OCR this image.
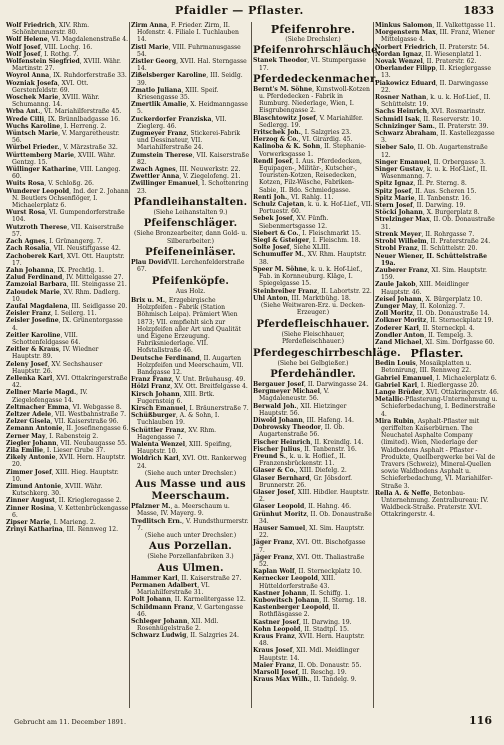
Pfaidler — Pflaster.	1833
Wolf Friedrich, XIV. Rhm. Schönbrunnerstr. 80.
Wolf Helene, VI. Magdalenenstraße 4.
Wolf Josef, VIII. Lochg. 16.
Wolf Josef, I. Rothg. 7.
Wolfenstein Siegfried, XVIII. Währ. Martinstr. 27.
Woyrol Anna, IX. Ruhdorferstraße 33.
Wozniak Josefa, XVI. Ott. Gerstenfeldstr. 69.
Woschek Marie, XVIII. Währ. Schumanng. 14.
Wrba Ant., VI. Mariahilferstraße 45.
Wrede Cilli, IX. Brünnlbadgasse 16.
Wuchs Karoline, I. Herreng. 2.
Wüntsch Marie, V. Margaretheustr. 56.
Würbel Frieder., V. Märzstraße 32.
Württemberg Marie, XVIII. Währ. Gentzg. 15.
Wüllinger Katharine, VIII. Langeg. 60.
Wuits Rosa, V. Schloßg. 26.
Wunderer Leopold, Ind. der 2. Johann N. Beutlers Ochsenflöger, I. Michaelerplatz 6.
Wurst Rosa, VI. Gumpendorferstraße 104.
Wutzroth Therese, VII. Kaiserstraße 57.
Zach Agnes, I. Grünangerg. 7.
Zach Rosalia, VII. Neustiftgasse 42.
Zachoberek Karl, XVI. Ott. Hauptstr. 17.
Zahn Johanna, IX. Prechtlg. 1.
Zalud Ferdinand, IV. Mittelgasse 27.
Zamzoial Barbara, III. Steingasse 21.
Zaloudek Marie, XV. Rhm. Dadlerg. 10.
Zaufal Magdalena, III. Seidlgasse 20.
Zeisler Franz, I. Seilerg. 11.
Zeisler Josefine, IX. Grünentorgasse 4.
Zeitler Karoline, VIII. Schottenfeldgasse 64.
Zeitler & Kraus, IV. Wiedner Hauptstr. 89.
Zeleny Josef, XV. Sechshauser Hauptstr. 26.
Zellenka Karl, XVI. Ottakringerstraße 42.
Zellner Marie Magd., IV. Ziegelofengasse 14.
Zeltmacher Emma, VI. Webgasse 8.
Zeltzer Adele, VII. Westbahnstraße 7.
Zelzer Gisela, VII. Kaiserstraße 96.
Zemann Antonie, II. Josefinengasse 6.
Zerner May, I. Rabensteig 2.
Ziegler Johann, VII. Neubaugasse 55.
Zila Emilie, I. Lieser Grube 37.
Zikely Antonie, XVII. Hern. Hauptstr. 20.
Zimmer Josef, XIII. Hieg. Hauptstr. 10.
Zimund Antonie, XVIII. Währ. Kutschkerg. 30.
Zinner August, II. Kriegleregasse 2.
Zinner Rosina, V. Kettenbrückengasse 6.
Zipser Marie, I. Marieng. 2.
Zrinyi Katharina, III. Rennweg 12.
Zirm Anna, F. Frieder. Zirm, II. Hofenstr. 4. Filiale I. Tuchlauben 14.
Zistl Marie, VIII. Fuhrmanusgasse 54.
Zistler Georg, XVII. Hal. Sterngasse 14.
Zißelsberger Karoline, III. Seidlg. 39.
Zmatlo Juliana, XIII. Speif. Kriesengasse 35.
Zmertlik Amalie, X. Heidmanngasse 5.
Zuckerdorfer Franziska, VII. Zieglerg. 46.
Zugmeyer Franz, Stickerei-Fabrik und Dessinateur, VII. Mariahilferstraße 24.
Zumstein Therese, VII. Kaiserstraße 82.
Zwach Agnes, III. Neuwerkstr. 22.
Zwettler Anna, V. Ziegelofeng. 21.
Zwillinger Emanuel, I. Schottenring 23.
Pfandleihanstalten.
(Siehe Leihanstalten 9.)
Pfeifenschläger.
(Siehe Bronzearbeiter, dann Gold- u. Silberarbeiter.)
Pfeifeneinläser.
Plau DovidVII. Lerchenfelderstraße 67.
Pfeifenköpfe.
Aus Holz.
Brix u. M., Erzgebirgische Holzpfeifen - Fabrik (Station Böhmisch Leipa). Prämiert Wien 1873; VII. empfiehlt sich zur Holzpfeifen aller Art und Qualität und Eigene Erzeugung. Fabriksniederlage. VII. Hofstallstraße 46.
Deutsche Ferdinand, II. Augarten Holzpfeifen und Meerschaum, VII. Bandgasse 12.
Franz Franz, V. Unt. Bräuhausg. 49.
Hölzl Franz, XV. Ott. Breitfelgasse 4.
Kirsch Johann, XIII. Brtk. Fugernsteig 6.
Kirsch Emanuel, I. Bräunerstraße 7.
Schüßburger, A. & Sohn, I. Tuchlauben 19.
Schüttler Franz, XV. Rhm. Hagengasse 7.
Walenta Wenzel, XIII. Speifing, Hauptstr. 10.
Woldrich Karl, XVI. Ott. Rankerweg 24.
(Siehe auch unter Drechsler.)
Aus Masse und aus Meerschaum.
Pfalzner M., a. Meerschaum u. Masse, IV. Mayerg. 9.
Tredlitsch Ern., V. Hundsthurmerstr. 7.
(Siehe auch unter Drechsler.)
Aus Porzellan.
(Siehe Porzellanfabriken 3.)
Aus Ulmen.
Hammer Karl, II. Kaiserstraße 27.
Permanen Adalbert, VI. Mariahilferstraße 31.
Polt Johann, II. Karmelitergasse 12.
Schildmann Franz, V. Gartengasse 46.
Schleger Johann, XII. Mdl. Rosenhügelstraße 2.
Schwarz Ludwig, II. Salzgries 24.
Pfeifenrohre.
(Siehe Drechsler.)
Pfeifenrohrschläuche.
Stanek Theodor, VI. Stumpergasse 17.
Pferdedeckenmacher.
Bernt's M. Söhne, Kunstwoll-Kotzen u. Pferdedecken - Fabrik in Rumburg. Niederlage, Wien, I. Eisgrubengasse 2.
Blaschtowitz Josef, V. Mariahilfer. Sedlergg. 19.
Fritschek Joh., I. Salzgries 23.
Herzog & Co., VI. Girardig. 45.
Kalinoba & K. Sohn, II. Stephanie-Vorwerksgasse 1.
Rendl Josef, I. Aus. Pferdedecken, Equipagen-, Militär-, Kutscher-, Touristen-Kotzen, Reisedecken, Kotzen, Filz-Wäsche, Fabriken-Sabie, II. Bdo. Schmiedgasse.
Renti Joh., VI. Rahlg. 11.
Schulz Cajetan, k. u. k. Hof-Lief., VII. Portuestr. 60.
Sebek Josef, XV. Fünfh. Siebenmertsgasse 12.
Siebert & Co., I. Fleischmarkt 15.
Siegl & Gsteiger, I. Fleischm. 18.
Solte Josef, Siehe XLIII.
Schumuffer M., XV. Rhm. Hauptstr. 38.
Speer M. Söhne, k. u. k. Hof-Lief., Fab. in Kornneuburg. Kläge, I. Spiegelgasse 15.
Steinbreiber Franz, II. Labortstr. 22.
Uhl Anton, III. Marktbühg. 18.
(Siehe Weitwaren-Erz. u. Decken-Erzeuger.)
Pferdefleischhauer.
(Siehe Fleischhauer, Pferdefleischhauer.)
Pferdegeschirrbeschläge.
(Siehe bei Gelbgießer.)
Pferdehändler.
Bergauer Josef, II. Darwingasse 24.
Bergmeyer Michael, V. Magdaleneustr. 56.
Berwald Joh., XII. Hietzinger Hauptstr. 56.
Diwold Johann, III. Hafeng. 14.
Dobrowsky Theodor, II. Ob. Augartenstraße 56.
Fischer Heinrich, II. Kreindlg. 14.
Fischer Julius, II. Tanbenstr. 16.
Freund S., k. u. k. Hoflief., II. Franzensbrückenstr. 11.
Glaser & Co., XIII. Diefelg. 2.
Glaser Bernhard, Gr. Jöbsdorf. Brunnerstr. 26.
Glaser Josef, XIII. Hibdler. Hauptstr. 2.
Glaser Leopold, II. Hahng. 46.
Grünhut Moritz, II. Ob. Donaustraße 34.
Hauser Samuel, XI. Sim. Hauptstr. 22.
Jäger Franz, XVI. Ott. Bischofgasse 7.
Jäger Franz, XVI. Ott. Thaliastraße 52.
Kaplan Wolf, II. Sterneckplatz 10.
Kernecker Leopold, XIII. Hütteldorferstraße 43.
Kastner Johann, II. Schiffg. 1.
Kubowitsch Johann, II. Sterng. 18.
Kastenberger Leopold, II. Rothfläsgasse 2.
Kastner Josef, II. Darwing. 19.
Kohn Leopold, II. Stadtpl. 15.
Kraus Franz, XVII. Hern. Hauptstr. 48.
Kraus Josef, XII. Mdl. Meidlinger Hauptstr. 14.
Maier Franz, II. Ob. Donaustr. 55.
Marsoll Josef, II. Reschg. 19.
Kraus Max Wilh., II. Tandelg. 9.
Minkus Salomon, II. Valkettgasse 11.
Morgenstern Max, III. Franz, Wiener Mittelgasse 4.
Norbert Friedrich, II. Praterstr. 54.
Nordan Ignaz, II. Wiesenplatzl 1.
Novak Wenzel, II. Praterstr. 62.
Oberlander Filipp, II. Krieglergasse 13.
Piakowicz Eduard, II. Darwingasse 22.
Rosner Nathan, k. u. k. Hof-Lief., II. Schüttelstr. 19.
Sachs Heinrich, XVI. Rosmarinstr.
Schmidl Isak, II. Reserverstr. 10.
Schnizinger Sam., II. Praterstr. 39.
Schwarz Abraham, II. Kastellezgasse 3.
Sieber Salo, II. Ob. Augartenstraße 12.
Singer Emanuel, II. Orbergasse 3.
Singer Gustav, k. u. k. Hof-Lief., II. Wasenmanng. 7.
Spitz Ignaz, II. Pr. Sterng. 8.
Spitz Josef, II. Aus. Scheren 15.
Spitz Marie, II. Tanbenstr. 16.
Stern Josef, II. Darwing. 19.
Stöcki Johann, X. Burgerplatz 8.
Strelzinger Max, II. Ob. Donaustraße 31.
Strenk Meyer, II. Rohrgasse 7.
Strobl Wilhelm, II. Praterstraße 24.
Strobl Franz, II. Schüttelstr. 20.
Neuer Wiener, II. Schüttelstraße 19a.
Zauberer Franz, XI. Sim. Hauptstr. 159.
Zaule Jakob, XIII. Meidlinger Hauptstr. 46.
Zeisel Johann, X. Bürgerplatz 10.
Zunger May, II. Kolonizg. 7.
Zoll Moritz, II. Ob. Donaustraße 14.
Zolkner Moritz, II. Sterneckplatz 19.
Zoderer Karl, II. Sterneckpl. 4.
Zondler Anton, II. Tempelg. 3.
Zand Michael, XI. Sim. Dorfgasse 60.
Pflaster.
Bedin Louis, Mosaikplatten u. Betonirung, III. Rennweg 22.
Gabriel Emanuel, I. Michaelerplatz 6.
Gabriel Karl, I. Riedlergasse 20.
Lange Brüder, XVI. Ottakringerstr. 46.
Metallic-Pflasterung-Unternehmung u. Schieferbedachung, I. Bedinerstraße 4.
Mira Rubin, Asphalt-Pflaster mit geriffelten Kaiserbürnen. The Neuchatel Asphalte Company (limited). Wien, Niederlage der Waldbodens Asphalt - Pflaster - Produkte, Quellbergwerke bei Val de Travers (Schweiz), Mineral-Quellen sowie Waldbodens Asphalt u. Schieferbedachung, VI. Mariahilfer-Straße 3.
Rella A. & Neffe, Betonbau-Unternehmung. Zentralbureau: IV. Waldbeck-Straße. Praterstr. XVI. Ottakringerstr. 4.
Gebrucht am 11. December 1891.	116
